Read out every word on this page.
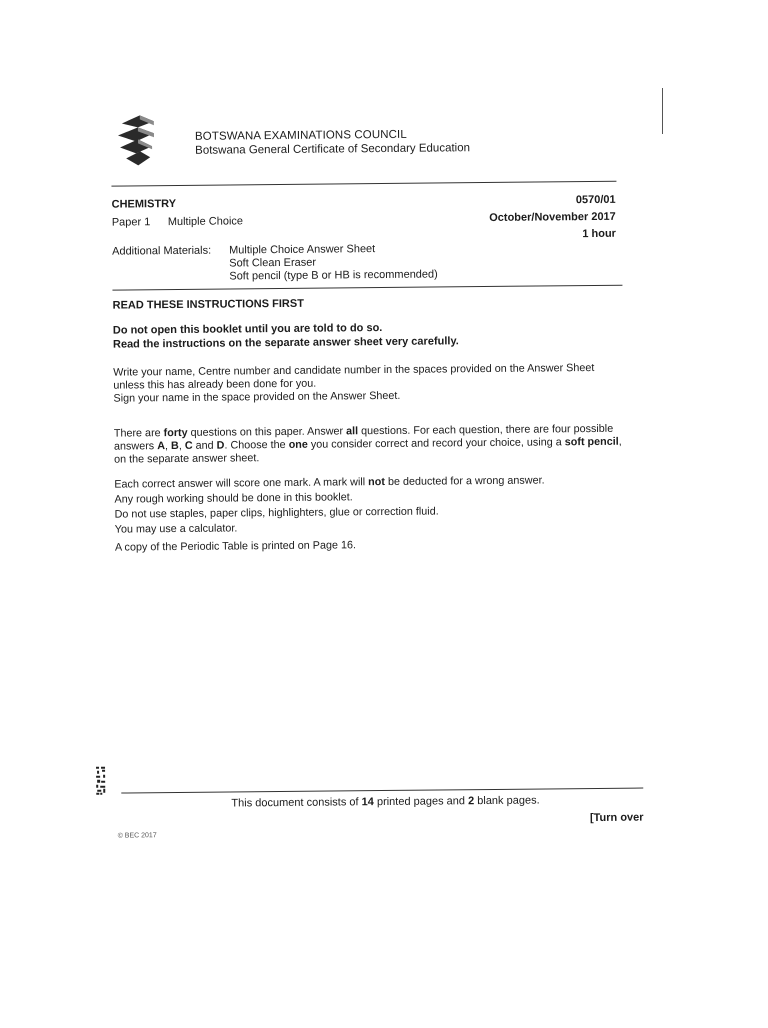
BOTSWANA EXAMINATIONS COUNCIL
Botswana General Certificate of Secondary Education
CHEMISTRY
Paper 1 Multiple Choice
0570/01
October/November 2017
1 hour
Additional Materials: Multiple Choice Answer Sheet
Soft Clean Eraser
Soft pencil (type B or HB is recommended)
READ THESE INSTRUCTIONS FIRST
Do not open this booklet until you are told to do so.
Read the instructions on the separate answer sheet very carefully.
Write your name, Centre number and candidate number in the spaces provided on the Answer Sheet unless this has already been done for you.
Sign your name in the space provided on the Answer Sheet.
There are forty questions on this paper. Answer all questions. For each question, there are four possible answers A, B, C and D. Choose the one you consider correct and record your choice, using a soft pencil, on the separate answer sheet.
Each correct answer will score one mark. A mark will not be deducted for a wrong answer.
Any rough working should be done in this booklet.
Do not use staples, paper clips, highlighters, glue or correction fluid.
You may use a calculator.
A copy of the Periodic Table is printed on Page 16.
This document consists of 14 printed pages and 2 blank pages.
[Turn over
© BEC 2017
